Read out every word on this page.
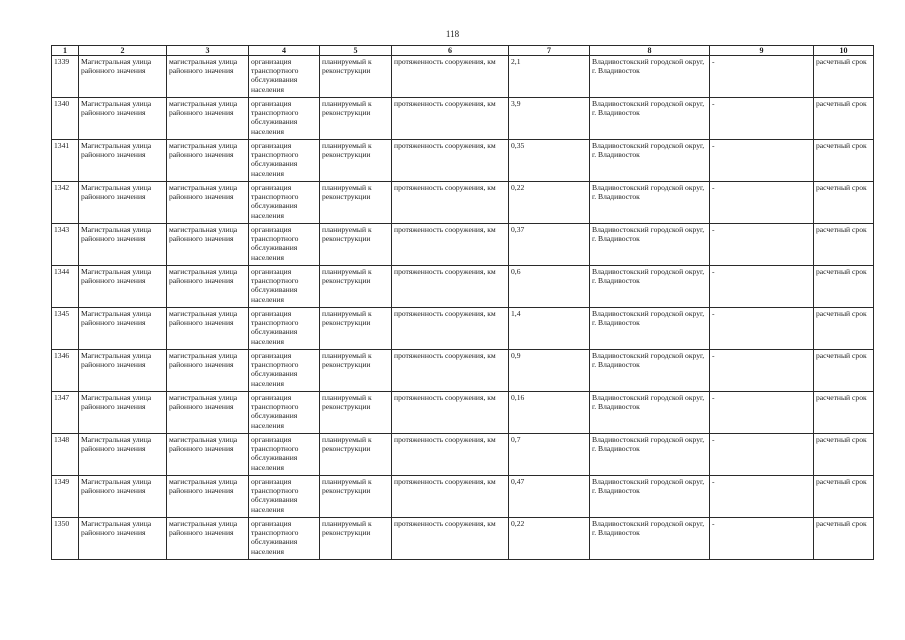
118
1	2	3	4	5	6	7	8	9	10
1339	Магистральная улица районного значения	магистральная улица районного значения	организация транспортного обслуживания населения	планируемый к реконструкции	протяженность сооружения, км	2,1	Владивостокский городской округ, г. Владивосток	-	расчетный срок
1340	Магистральная улица районного значения	магистральная улица районного значения	организация транспортного обслуживания населения	планируемый к реконструкции	протяженность сооружения, км	3,9	Владивостокский городской округ, г. Владивосток	-	расчетный срок
1341	Магистральная улица районного значения	магистральная улица районного значения	организация транспортного обслуживания населения	планируемый к реконструкции	протяженность сооружения, км	0,35	Владивостокский городской округ, г. Владивосток	-	расчетный срок
1342	Магистральная улица районного значения	магистральная улица районного значения	организация транспортного обслуживания населения	планируемый к реконструкции	протяженность сооружения, км	0,22	Владивостокский городской округ, г. Владивосток	-	расчетный срок
1343	Магистральная улица районного значения	магистральная улица районного значения	организация транспортного обслуживания населения	планируемый к реконструкции	протяженность сооружения, км	0,37	Владивостокский городской округ, г. Владивосток	-	расчетный срок
1344	Магистральная улица районного значения	магистральная улица районного значения	организация транспортного обслуживания населения	планируемый к реконструкции	протяженность сооружения, км	0,6	Владивостокский городской округ, г. Владивосток	-	расчетный срок
1345	Магистральная улица районного значения	магистральная улица районного значения	организация транспортного обслуживания населения	планируемый к реконструкции	протяженность сооружения, км	1,4	Владивостокский городской округ, г. Владивосток	-	расчетный срок
1346	Магистральная улица районного значения	магистральная улица районного значения	организация транспортного обслуживания населения	планируемый к реконструкции	протяженность сооружения, км	0,9	Владивостокский городской округ, г. Владивосток	-	расчетный срок
1347	Магистральная улица районного значения	магистральная улица районного значения	организация транспортного обслуживания населения	планируемый к реконструкции	протяженность сооружения, км	0,16	Владивостокский городской округ, г. Владивосток	-	расчетный срок
1348	Магистральная улица районного значения	магистральная улица районного значения	организация транспортного обслуживания населения	планируемый к реконструкции	протяженность сооружения, км	0,7	Владивостокский городской округ, г. Владивосток	-	расчетный срок
1349	Магистральная улица районного значения	магистральная улица районного значения	организация транспортного обслуживания населения	планируемый к реконструкции	протяженность сооружения, км	0,47	Владивостокский городской округ, г. Владивосток	-	расчетный срок
1350	Магистральная улица районного значения	магистральная улица районного значения	организация транспортного обслуживания населения	планируемый к реконструкции	протяженность сооружения, км	0,22	Владивостокский городской округ, г. Владивосток	-	расчетный срок
